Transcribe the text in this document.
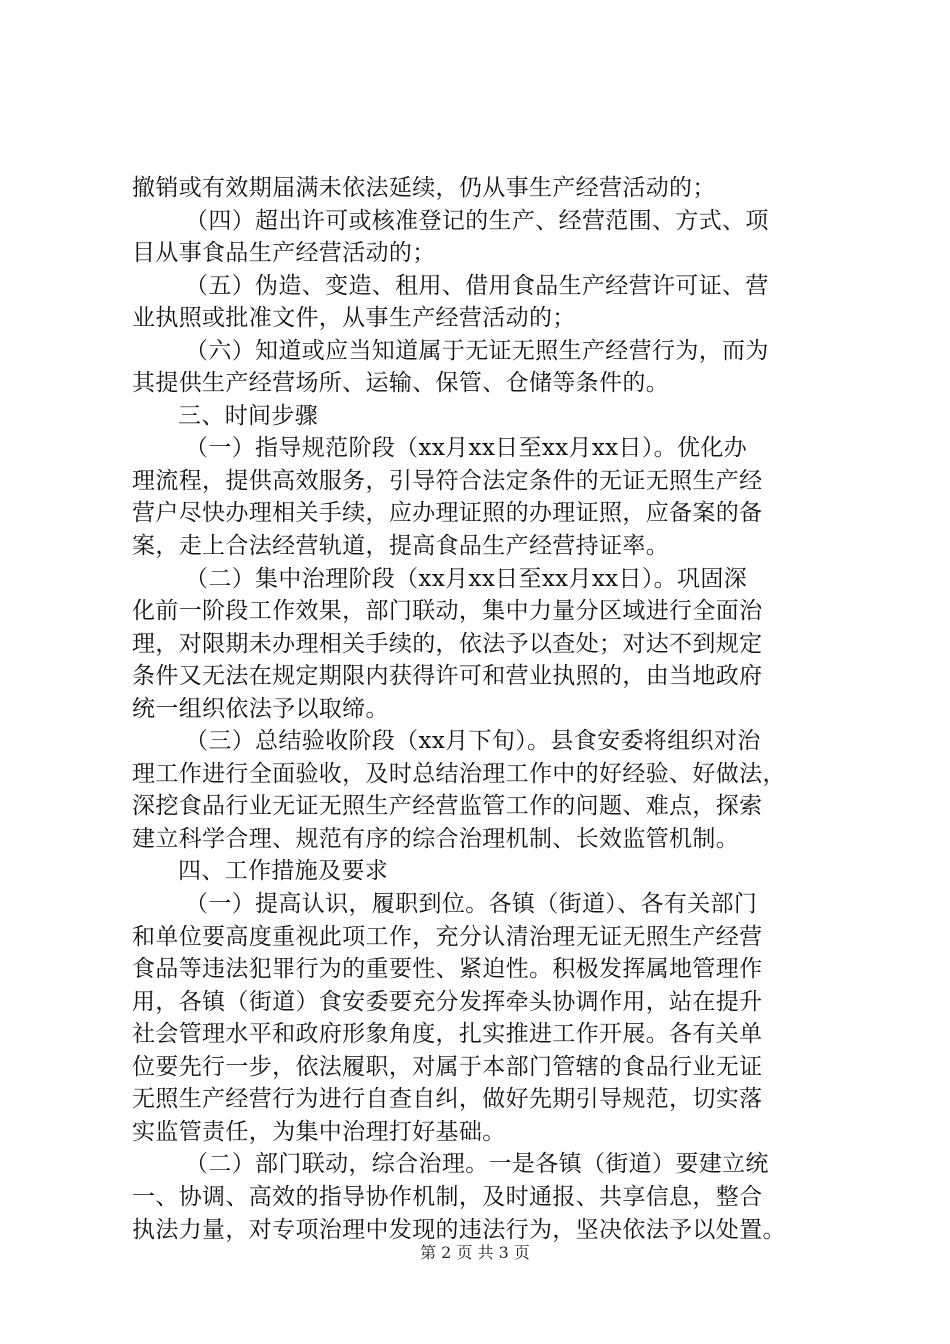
撤销或有效期届满未依法延续，仍从事生产经营活动的；
（四）超出许可或核准登记的生产、经营范围、方式、项
目从事食品生产经营活动的；
（五）伪造、变造、租用、借用食品生产经营许可证、营
业执照或批准文件，从事生产经营活动的；
（六）知道或应当知道属于无证无照生产经营行为，而为
其提供生产经营场所、运输、保管、仓储等条件的。
三、时间步骤
（一）指导规范阶段（xx月xx日至xx月xx日）。优化办
理流程，提供高效服务，引导符合法定条件的无证无照生产经
营户尽快办理相关手续，应办理证照的办理证照，应备案的备
案，走上合法经营轨道，提高食品生产经营持证率。
（二）集中治理阶段（xx月xx日至xx月xx日）。巩固深
化前一阶段工作效果，部门联动，集中力量分区域进行全面治
理，对限期未办理相关手续的，依法予以查处；对达不到规定
条件又无法在规定期限内获得许可和营业执照的，由当地政府
统一组织依法予以取缔。
（三）总结验收阶段（xx月下旬）。县食安委将组织对治
理工作进行全面验收，及时总结治理工作中的好经验、好做法，
深挖食品行业无证无照生产经营监管工作的问题、难点，探索
建立科学合理、规范有序的综合治理机制、长效监管机制。
四、工作措施及要求
（一）提高认识，履职到位。各镇（街道）、各有关部门
和单位要高度重视此项工作，充分认清治理无证无照生产经营
食品等违法犯罪行为的重要性、紧迫性。积极发挥属地管理作
用，各镇（街道）食安委要充分发挥牵头协调作用，站在提升
社会管理水平和政府形象角度，扎实推进工作开展。各有关单
位要先行一步，依法履职，对属于本部门管辖的食品行业无证
无照生产经营行为进行自查自纠，做好先期引导规范，切实落
实监管责任，为集中治理打好基础。
（二）部门联动，综合治理。一是各镇（街道）要建立统
一、协调、高效的指导协作机制，及时通报、共享信息，整合
执法力量，对专项治理中发现的违法行为，坚决依法予以处置。
第 2 页 共 3 页
